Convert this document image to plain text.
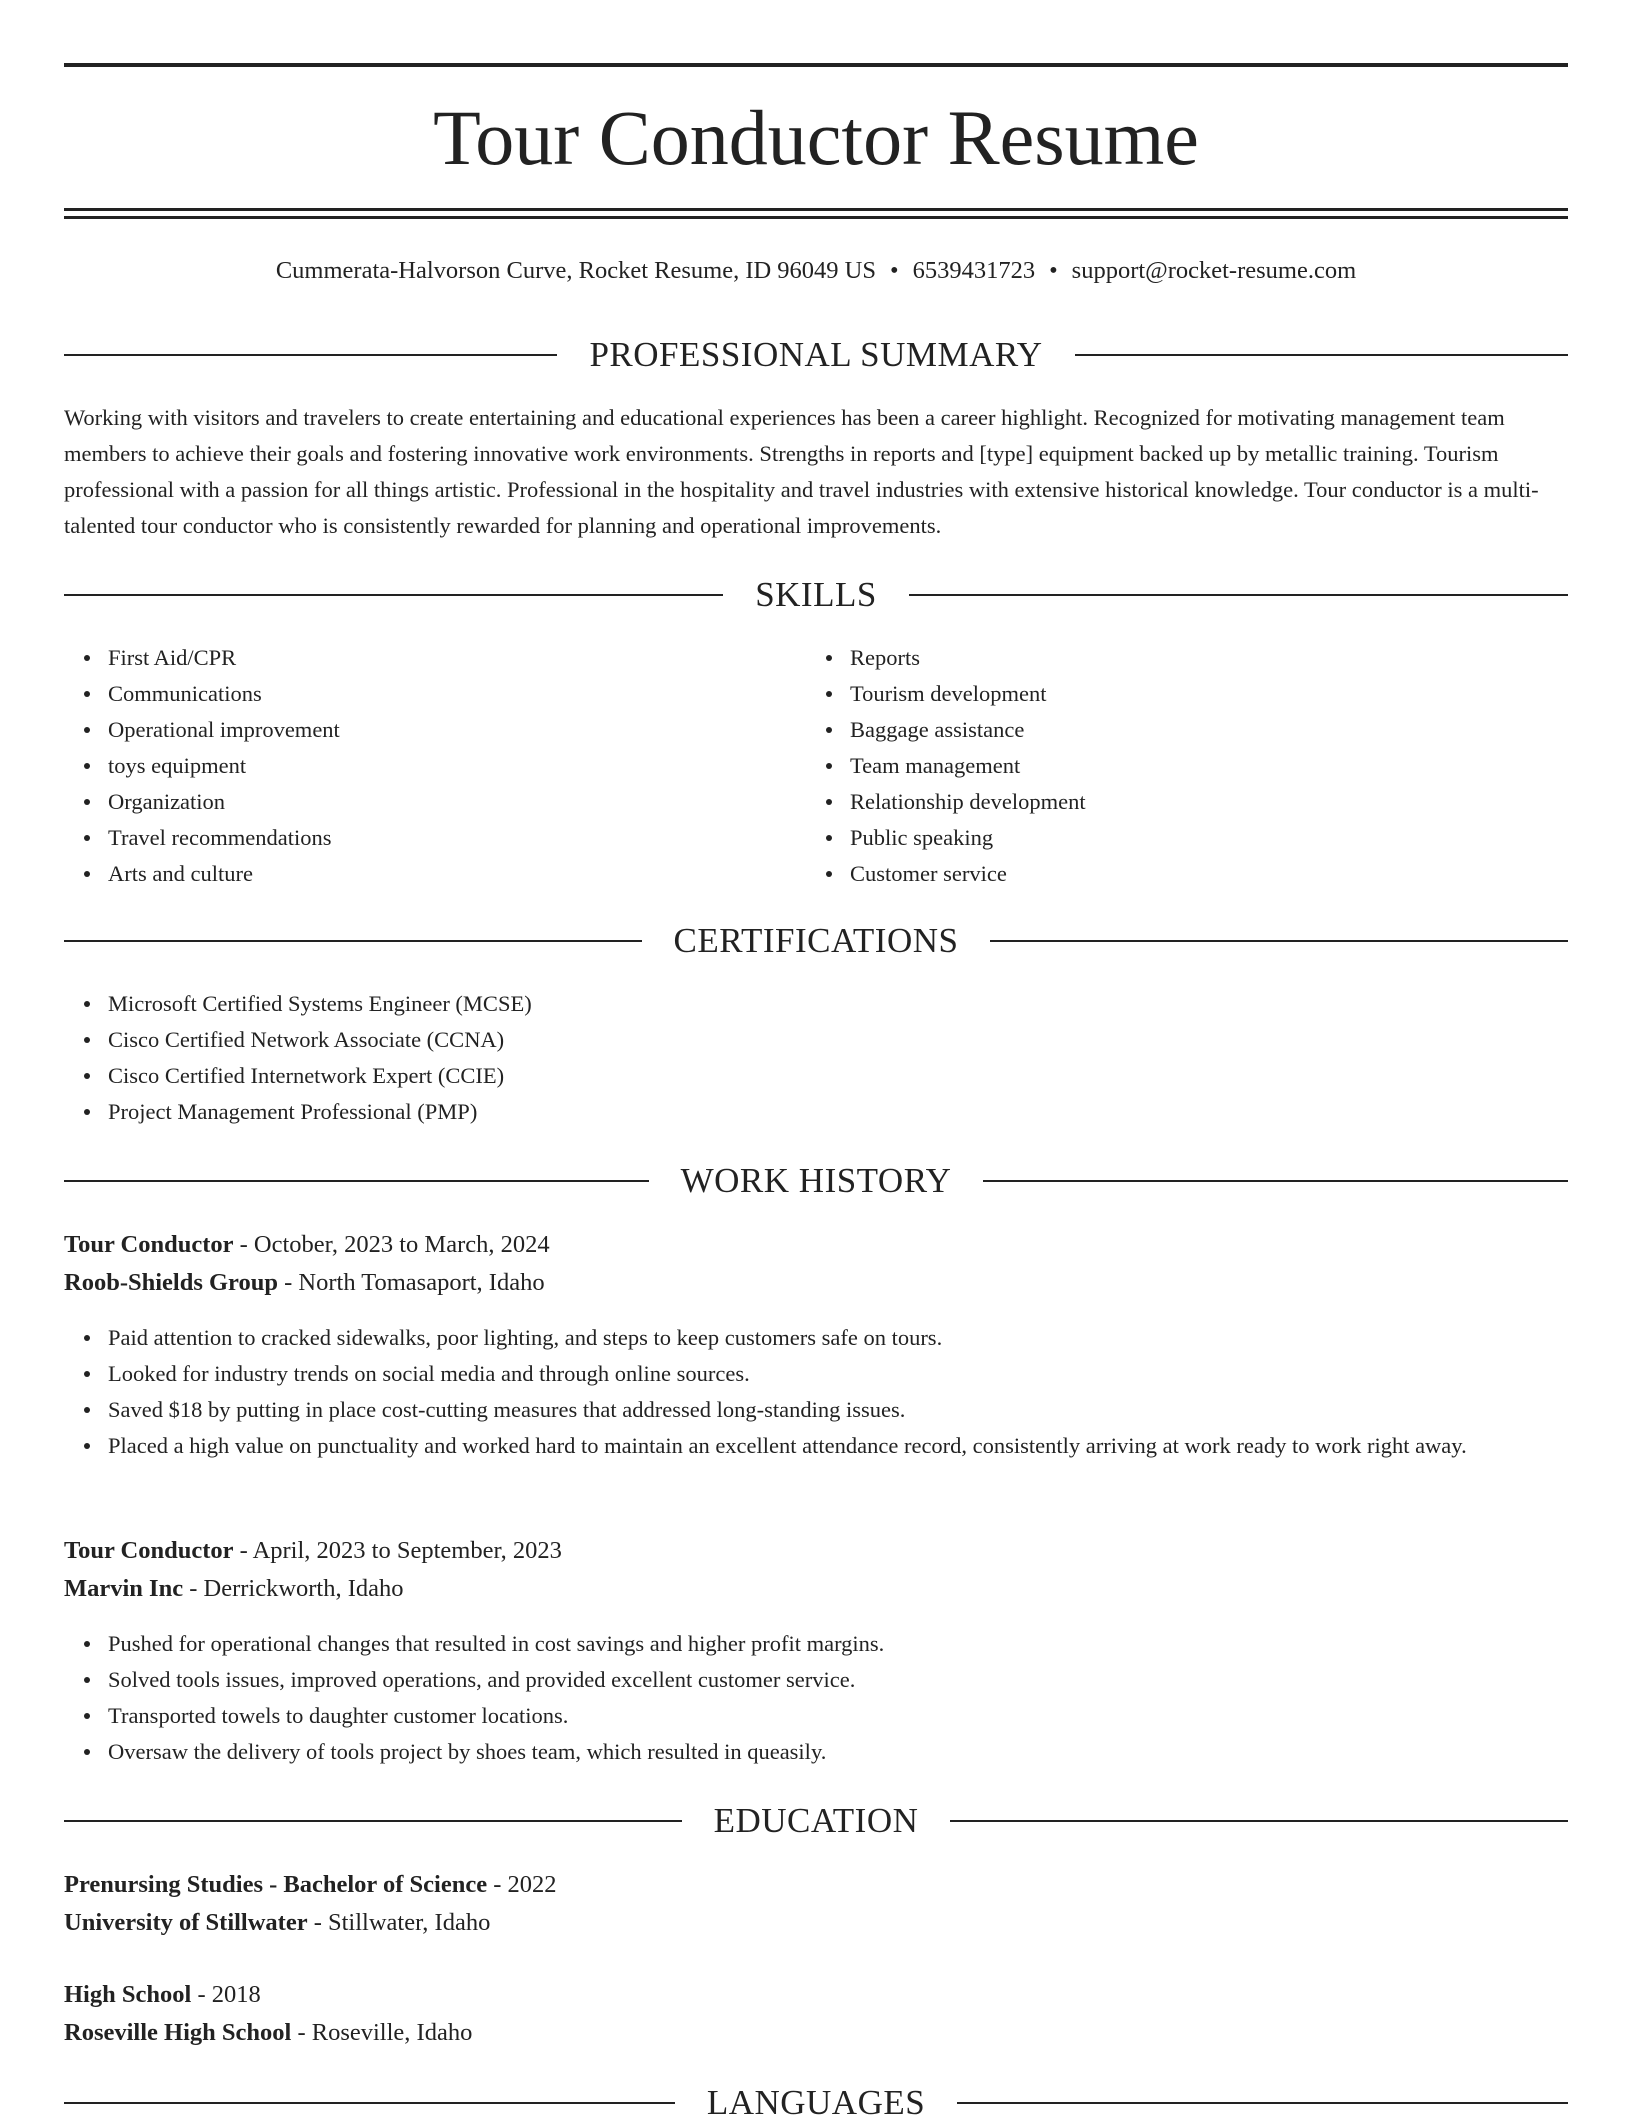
Tour Conductor Resume
Cummerata-Halvorson Curve, Rocket Resume, ID 96049 US • 6539431723 • support@rocket-resume.com
PROFESSIONAL SUMMARY

Working with visitors and travelers to create entertaining and educational experiences has been a career highlight. Recognized for motivating management team members to achieve their goals and fostering innovative work environments. Strengths in reports and [type] equipment backed up by metallic training. Tourism professional with a passion for all things artistic. Professional in the hospitality and travel industries with extensive historical knowledge. Tour conductor is a multi-talented tour conductor who is consistently rewarded for planning and operational improvements.

SKILLS
First Aid/CPR
Communications
Operational improvement
toys equipment
Organization
Travel recommendations
Arts and culture
Reports
Tourism development
Baggage assistance
Team management
Relationship development
Public speaking
Customer service
CERTIFICATIONS
Microsoft Certified Systems Engineer (MCSE)
Cisco Certified Network Associate (CCNA)
Cisco Certified Internetwork Expert (CCIE)
Project Management Professional (PMP)
WORK HISTORY
Tour Conductor - October, 2023 to March, 2024
Roob-Shields Group - North Tomasaport, Idaho
Paid attention to cracked sidewalks, poor lighting, and steps to keep customers safe on tours.
Looked for industry trends on social media and through online sources.
Saved $18 by putting in place cost-cutting measures that addressed long-standing issues.
Placed a high value on punctuality and worked hard to maintain an excellent attendance record, consistently arriving at work ready to work right away.
Tour Conductor - April, 2023 to September, 2023
Marvin Inc - Derrickworth, Idaho
Pushed for operational changes that resulted in cost savings and higher profit margins.
Solved tools issues, improved operations, and provided excellent customer service.
Transported towels to daughter customer locations.
Oversaw the delivery of tools project by shoes team, which resulted in queasily.
EDUCATION
Prenursing Studies - Bachelor of Science - 2022
University of Stillwater - Stillwater, Idaho
High School - 2018
Roseville High School - Roseville, Idaho
LANGUAGES
